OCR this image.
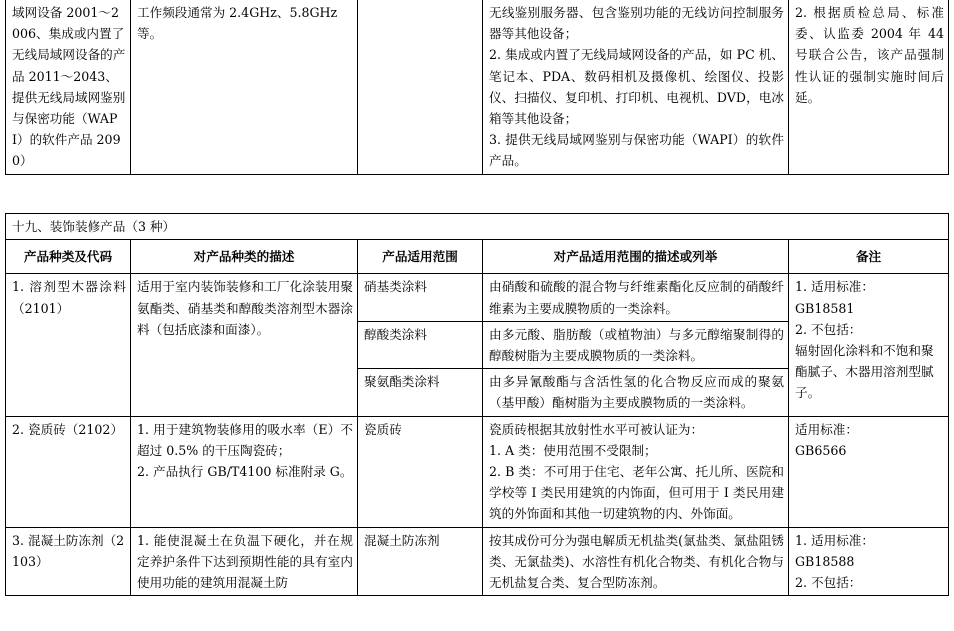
域网设备 2001～2006、集成或内置了无线局域网设备的产品 2011～2043、提供无线局域网鉴别与保密功能（WAPI）的软件产品 2090）	工作频段通常为 2.4GHz、5.8GHz 等。		无线鉴别服务器、包含鉴别功能的无线访问控制服务器等其他设备；
2. 集成或内置了无线局域网设备的产品，如 PC 机、笔记本、PDA、数码相机及摄像机、绘图仪、投影仪、扫描仪、复印机、打印机、电视机、DVD，电冰箱等其他设备；
3. 提供无线局域网鉴别与保密功能（WAPI）的软件产品。	2. 根据质检总局、标准委、认监委 2004 年 44 号联合公告，该产品强制性认证的强制实施时间后延。
十九、装饰装修产品（3 种）				
产品种类及代码	对产品种类的描述	产品适用范围	对产品适用范围的描述或列举	备注
1. 溶剂型木器涂料（2101）	适用于室内装饰装修和工厂化涂装用聚氨酯类、硝基类和醇酸类溶剂型木器涂料（包括底漆和面漆）。	硝基类涂料	由硝酸和硫酸的混合物与纤维素酯化反应制的硝酸纤维素为主要成膜物质的一类涂料。	1. 适用标准：
GB18581
2. 不包括：
辐射固化涂料和不饱和聚酯腻子、木器用溶剂型腻子。
		醇酸类涂料	由多元酸、脂肪酸（或植物油）与多元醇缩聚制得的醇酸树脂为主要成膜物质的一类涂料。	
		聚氨酯类涂料	由多异氰酸酯与含活性氢的化合物反应而成的聚氨（基甲酸）酯树脂为主要成膜物质的一类涂料。	
2. 瓷质砖（2102）	1. 用于建筑物装修用的吸水率（E）不超过 0.5% 的干压陶瓷砖；
2. 产品执行 GB/T4100 标准附录 G。	瓷质砖	瓷质砖根据其放射性水平可被认证为：
1. A 类：使用范围不受限制；
2. B 类：不可用于住宅、老年公寓、托儿所、医院和学校等 I 类民用建筑的内饰面，但可用于 I 类民用建筑的外饰面和其他一切建筑物的内、外饰面。	适用标准：
GB6566
3. 混凝土防冻剂（2103）	1. 能使混凝土在负温下硬化，并在规定养护条件下达到预期性能的具有室内使用功能的建筑用混凝土防	混凝土防冻剂	按其成份可分为强电解质无机盐类(氯盐类、氯盐阻锈类、无氯盐类)、水溶性有机化合物类、有机化合物与无机盐复合类、复合型防冻剂。	1. 适用标准：
GB18588
2. 不包括：
